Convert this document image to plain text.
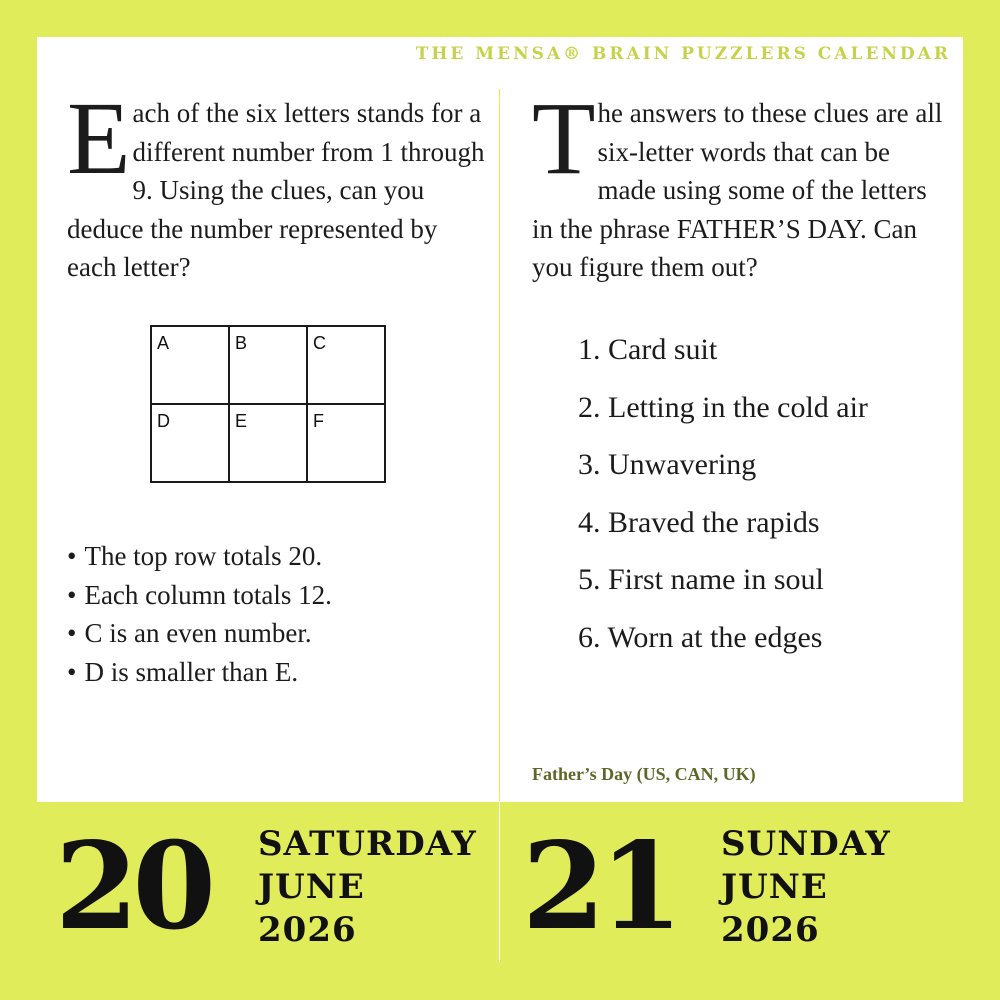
THE MENSA® BRAIN PUZZLERS CALENDAR
E ach of the six letters stands for a different number from 1 through 9. Using the clues, can you deduce the number represented by each letter?
A	B	C

D	E	F
• The top row totals 20.
• Each column totals 12.
• C is an even number.
• D is smaller than E.
T he answers to these clues are all six-letter words that can be made using some of the letters in the phrase FATHER’S DAY. Can you figure them out?
1. Card suit
2. Letting in the cold air
3. Unwavering
4. Braved the rapids
5. First name in soul
6. Worn at the edges
Father’s Day (US, CAN, UK)
20 SATURDAY
JUNE
2026	21 SUNDAY
JUNE
2026
